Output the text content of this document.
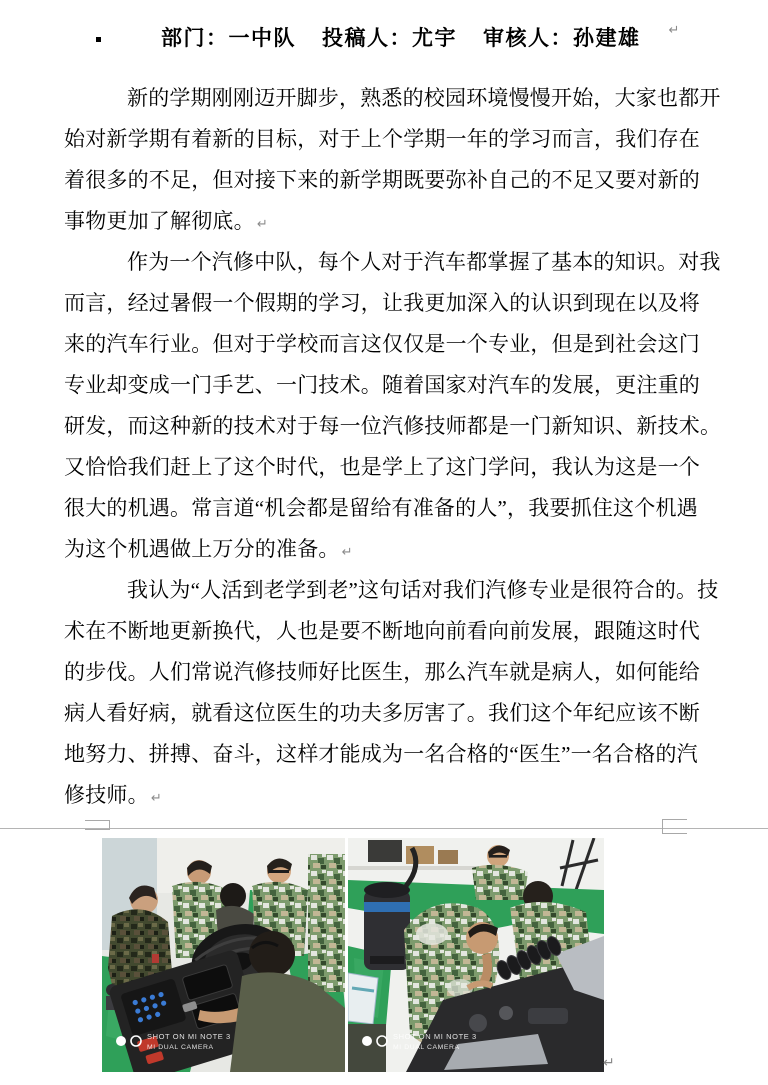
部门：一中队 投稿人：尤宇 审核人：孙建雄 ↵
新的学期刚刚迈开脚步，熟悉的校园环境慢慢开始，大家也都开
始对新学期有着新的目标，对于上个学期一年的学习而言，我们存在
着很多的不足，但对接下来的新学期既要弥补自己的不足又要对新的
事物更加了解彻底。 ↵
作为一个汽修中队，每个人对于汽车都掌握了基本的知识。对我
而言，经过暑假一个假期的学习，让我更加深入的认识到现在以及将
来的汽车行业。但对于学校而言这仅仅是一个专业，但是到社会这门
专业却变成一门手艺、一门技术。随着国家对汽车的发展，更注重的
研发，而这种新的技术对于每一位汽修技师都是一门新知识、新技术。
又恰恰我们赶上了这个时代，也是学上了这门学问，我认为这是一个
很大的机遇。常言道“机会都是留给有准备的人”，我要抓住这个机遇
为这个机遇做上万分的准备。 ↵
我认为“人活到老学到老”这句话对我们汽修专业是很符合的。技
术在不断地更新换代，人也是要不断地向前看向前发展，跟随这时代
的步伐。人们常说汽修技师好比医生，那么汽车就是病人，如何能给
病人看好病，就看这位医生的功夫多厉害了。我们这个年纪应该不断
地努力、拼搏、奋斗，这样才能成为一名合格的“医生”一名合格的汽
修技师。 ↵
SHOT ON MI NOTE 3
MI DUAL CAMERA
SHOT ON MI NOTE 3
MI DUAL CAMERA
↵
